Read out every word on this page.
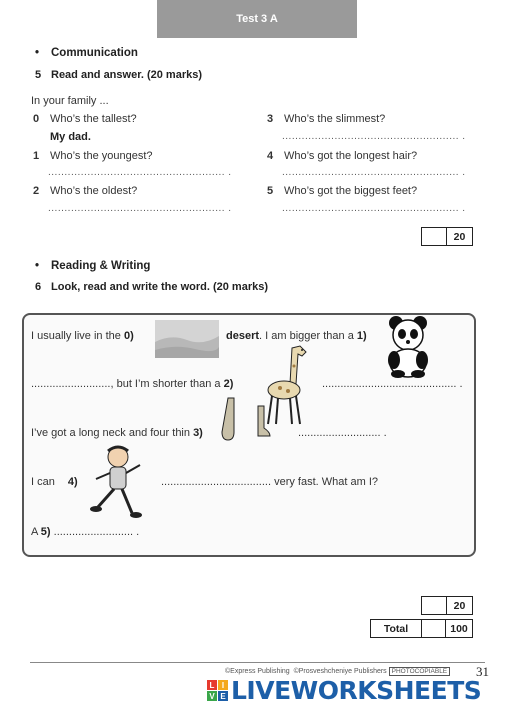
Test 3 A
• Communication
5 Read and answer. (20 marks)
In your family ...
0 Who’s the tallest?
My dad.
1 Who’s the youngest?
...................................................... .
2 Who’s the oldest?
...................................................... .
3 Who’s the slimmest?
...................................................... .
4 Who’s got the longest hair?
...................................................... .
5 Who’s got the biggest feet?
...................................................... .
20
• Reading & Writing
6 Look, read and write the word. (20 marks)
I usually live in the 0)	desert. I am bigger than a 1)
.........................., but I’m shorter than a 2)	............................................ .
I’ve got a long neck and four thin 3)	........................... .
I can 4)	.................................... very fast. What am I?
A 5) .......................... .
20
Total	100
©Express Publishing ©Prosveshcheniye Publishers PHOTOCOPIABLE 31
L I
V E LIVEWORKSHEETS
